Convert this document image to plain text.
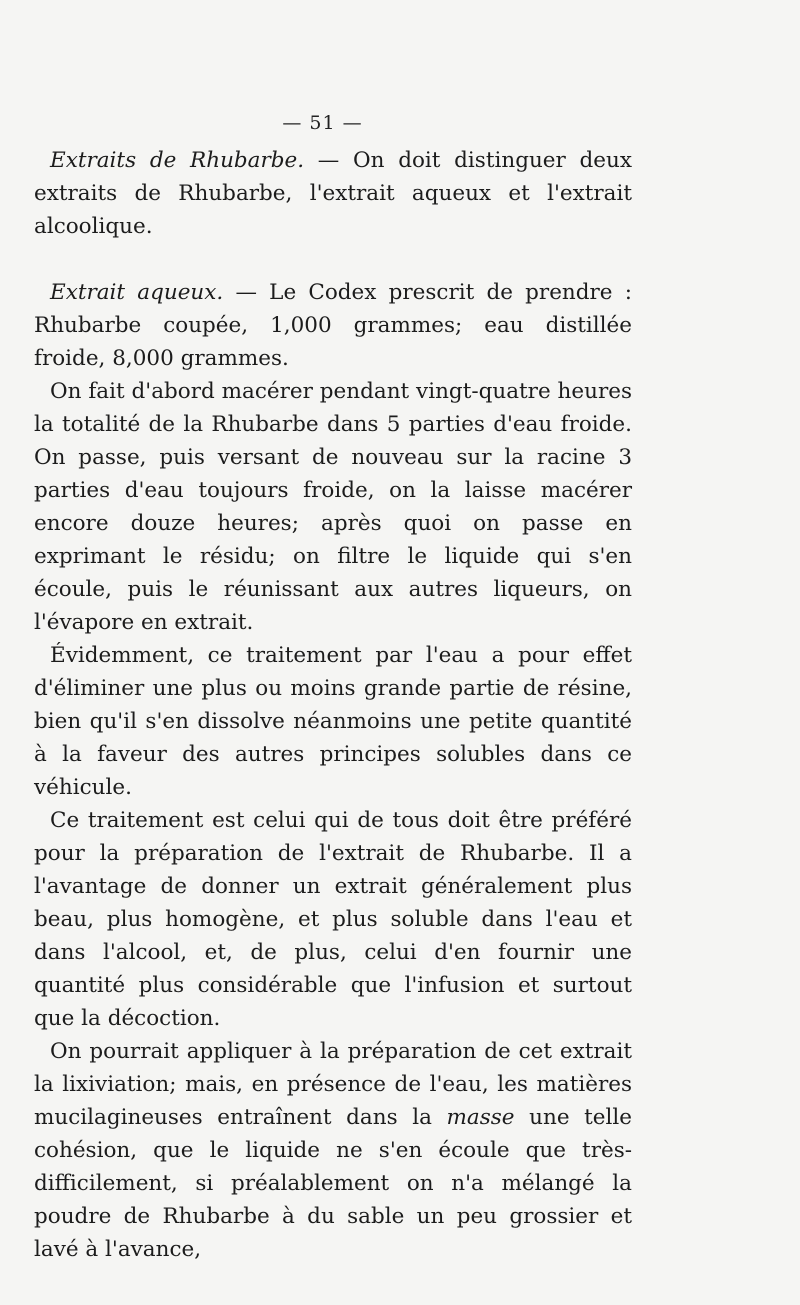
— 51 —

Extraits de Rhubarbe. — On doit distinguer deux extraits de Rhubarbe, l'extrait aqueux et l'extrait alcoolique.

Extrait aqueux. — Le Codex prescrit de prendre : Rhubarbe coupée, 1,000 grammes; eau distillée froide, 8,000 grammes.

On fait d'abord macérer pendant vingt-quatre heures la totalité de la Rhubarbe dans 5 parties d'eau froide. On passe, puis versant de nouveau sur la racine 3 parties d'eau toujours froide, on la laisse macérer encore douze heures; après quoi on passe en exprimant le résidu; on filtre le liquide qui s'en écoule, puis le réunissant aux autres liqueurs, on l'évapore en extrait.

Évidemment, ce traitement par l'eau a pour effet d'éliminer une plus ou moins grande partie de résine, bien qu'il s'en dissolve néanmoins une petite quantité à la faveur des autres principes solubles dans ce véhicule.

Ce traitement est celui qui de tous doit être préféré pour la préparation de l'extrait de Rhubarbe. Il a l'avantage de donner un extrait généralement plus beau, plus homogène, et plus soluble dans l'eau et dans l'alcool, et, de plus, celui d'en fournir une quantité plus considérable que l'infusion et surtout que la décoction.

On pourrait appliquer à la préparation de cet extrait la lixiviation; mais, en présence de l'eau, les matières mucilagineuses entraînent dans la masse une telle cohésion, que le liquide ne s'en écoule que très-difficilement, si préalablement on n'a mélangé la poudre de Rhubarbe à du sable un peu grossier et lavé à l'avance,
